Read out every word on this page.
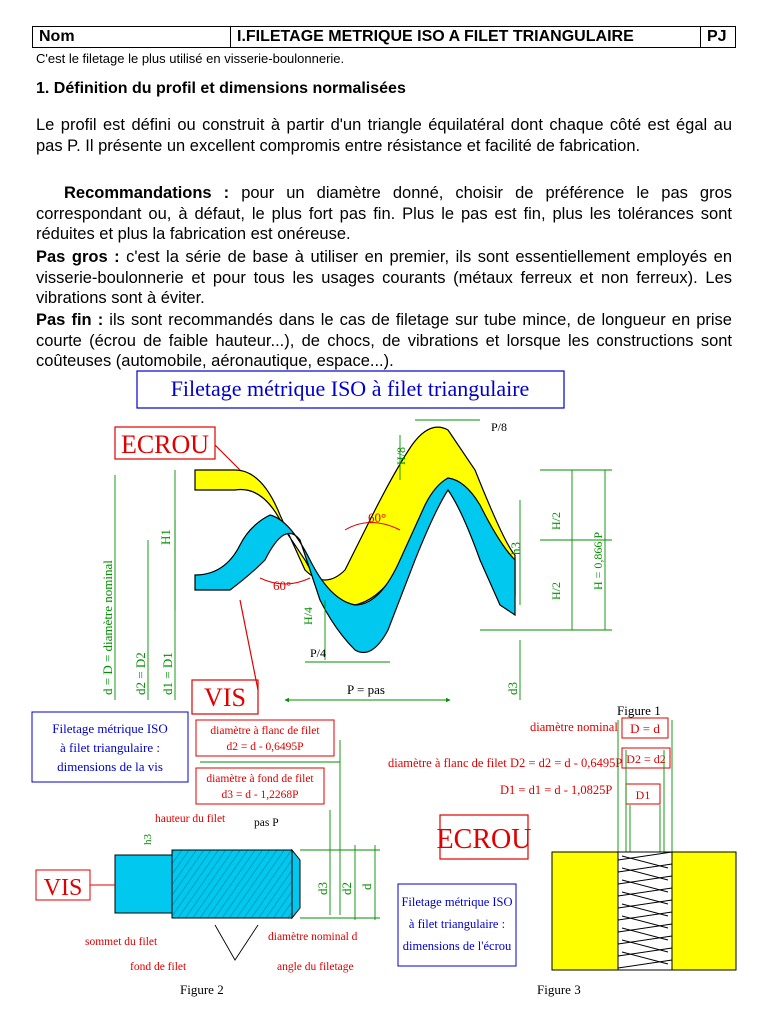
Nom	I.FILETAGE METRIQUE ISO A FILET TRIANGULAIRE	PJ
C'est le filetage le plus utilisé en visserie-boulonnerie.
1. Définition du profil et dimensions normalisées

Le profil est défini ou construit à partir d'un triangle équilatéral dont chaque côté est égal au pas P. Il présente un excellent compromis entre résistance et facilité de fabrication.

Recommandations : pour un diamètre donné, choisir de préférence le pas gros correspondant ou, à défaut, le plus fort pas fin. Plus le pas est fin, plus les tolérances sont réduites et plus la fabrication est onéreuse.

Pas gros : c'est la série de base à utiliser en premier, ils sont essentiellement employés en visserie-boulonnerie et pour tous les usages courants (métaux ferreux et non ferreux). Les vibrations sont à éviter.

Pas fin : ils sont recommandés dans le cas de filetage sur tube mince, de longueur en prise courte (écrou de faible hauteur...), de chocs, de vibrations et lorsque les constructions sont coûteuses (automobile, aéronautique, espace...).

Filetage métrique ISO à filet triangulaire
ECROU
VIS
60°
60°
P/8
H/8
H1
h3
H/2
H/2
H = 0,866 P
H/4
P/4
P = pas
d = D = diamètre nominal d2 = D2 d1 = D1	d3
Figure 1
Filetage métrique ISO
à filet triangulaire :
dimensions de la vis
diamètre à flanc de filet
d2 = d - 0,6495P
diamètre à fond de filet
d3 = d - 1,2268P
VIS
hauteur du filet pas P
h3
d3 d2 d
sommet du filet
fond de filet
diamètre nominal d
angle du filetage
Figure 2
diamètre nominal D = d
diamètre à flanc de filet D2 = d2 = d - 0,6495P D2 = d2
D1 = d1 = d - 1,0825P D1
ECROU
Filetage métrique ISO
à filet triangulaire :
dimensions de l'écrou
Figure 3
